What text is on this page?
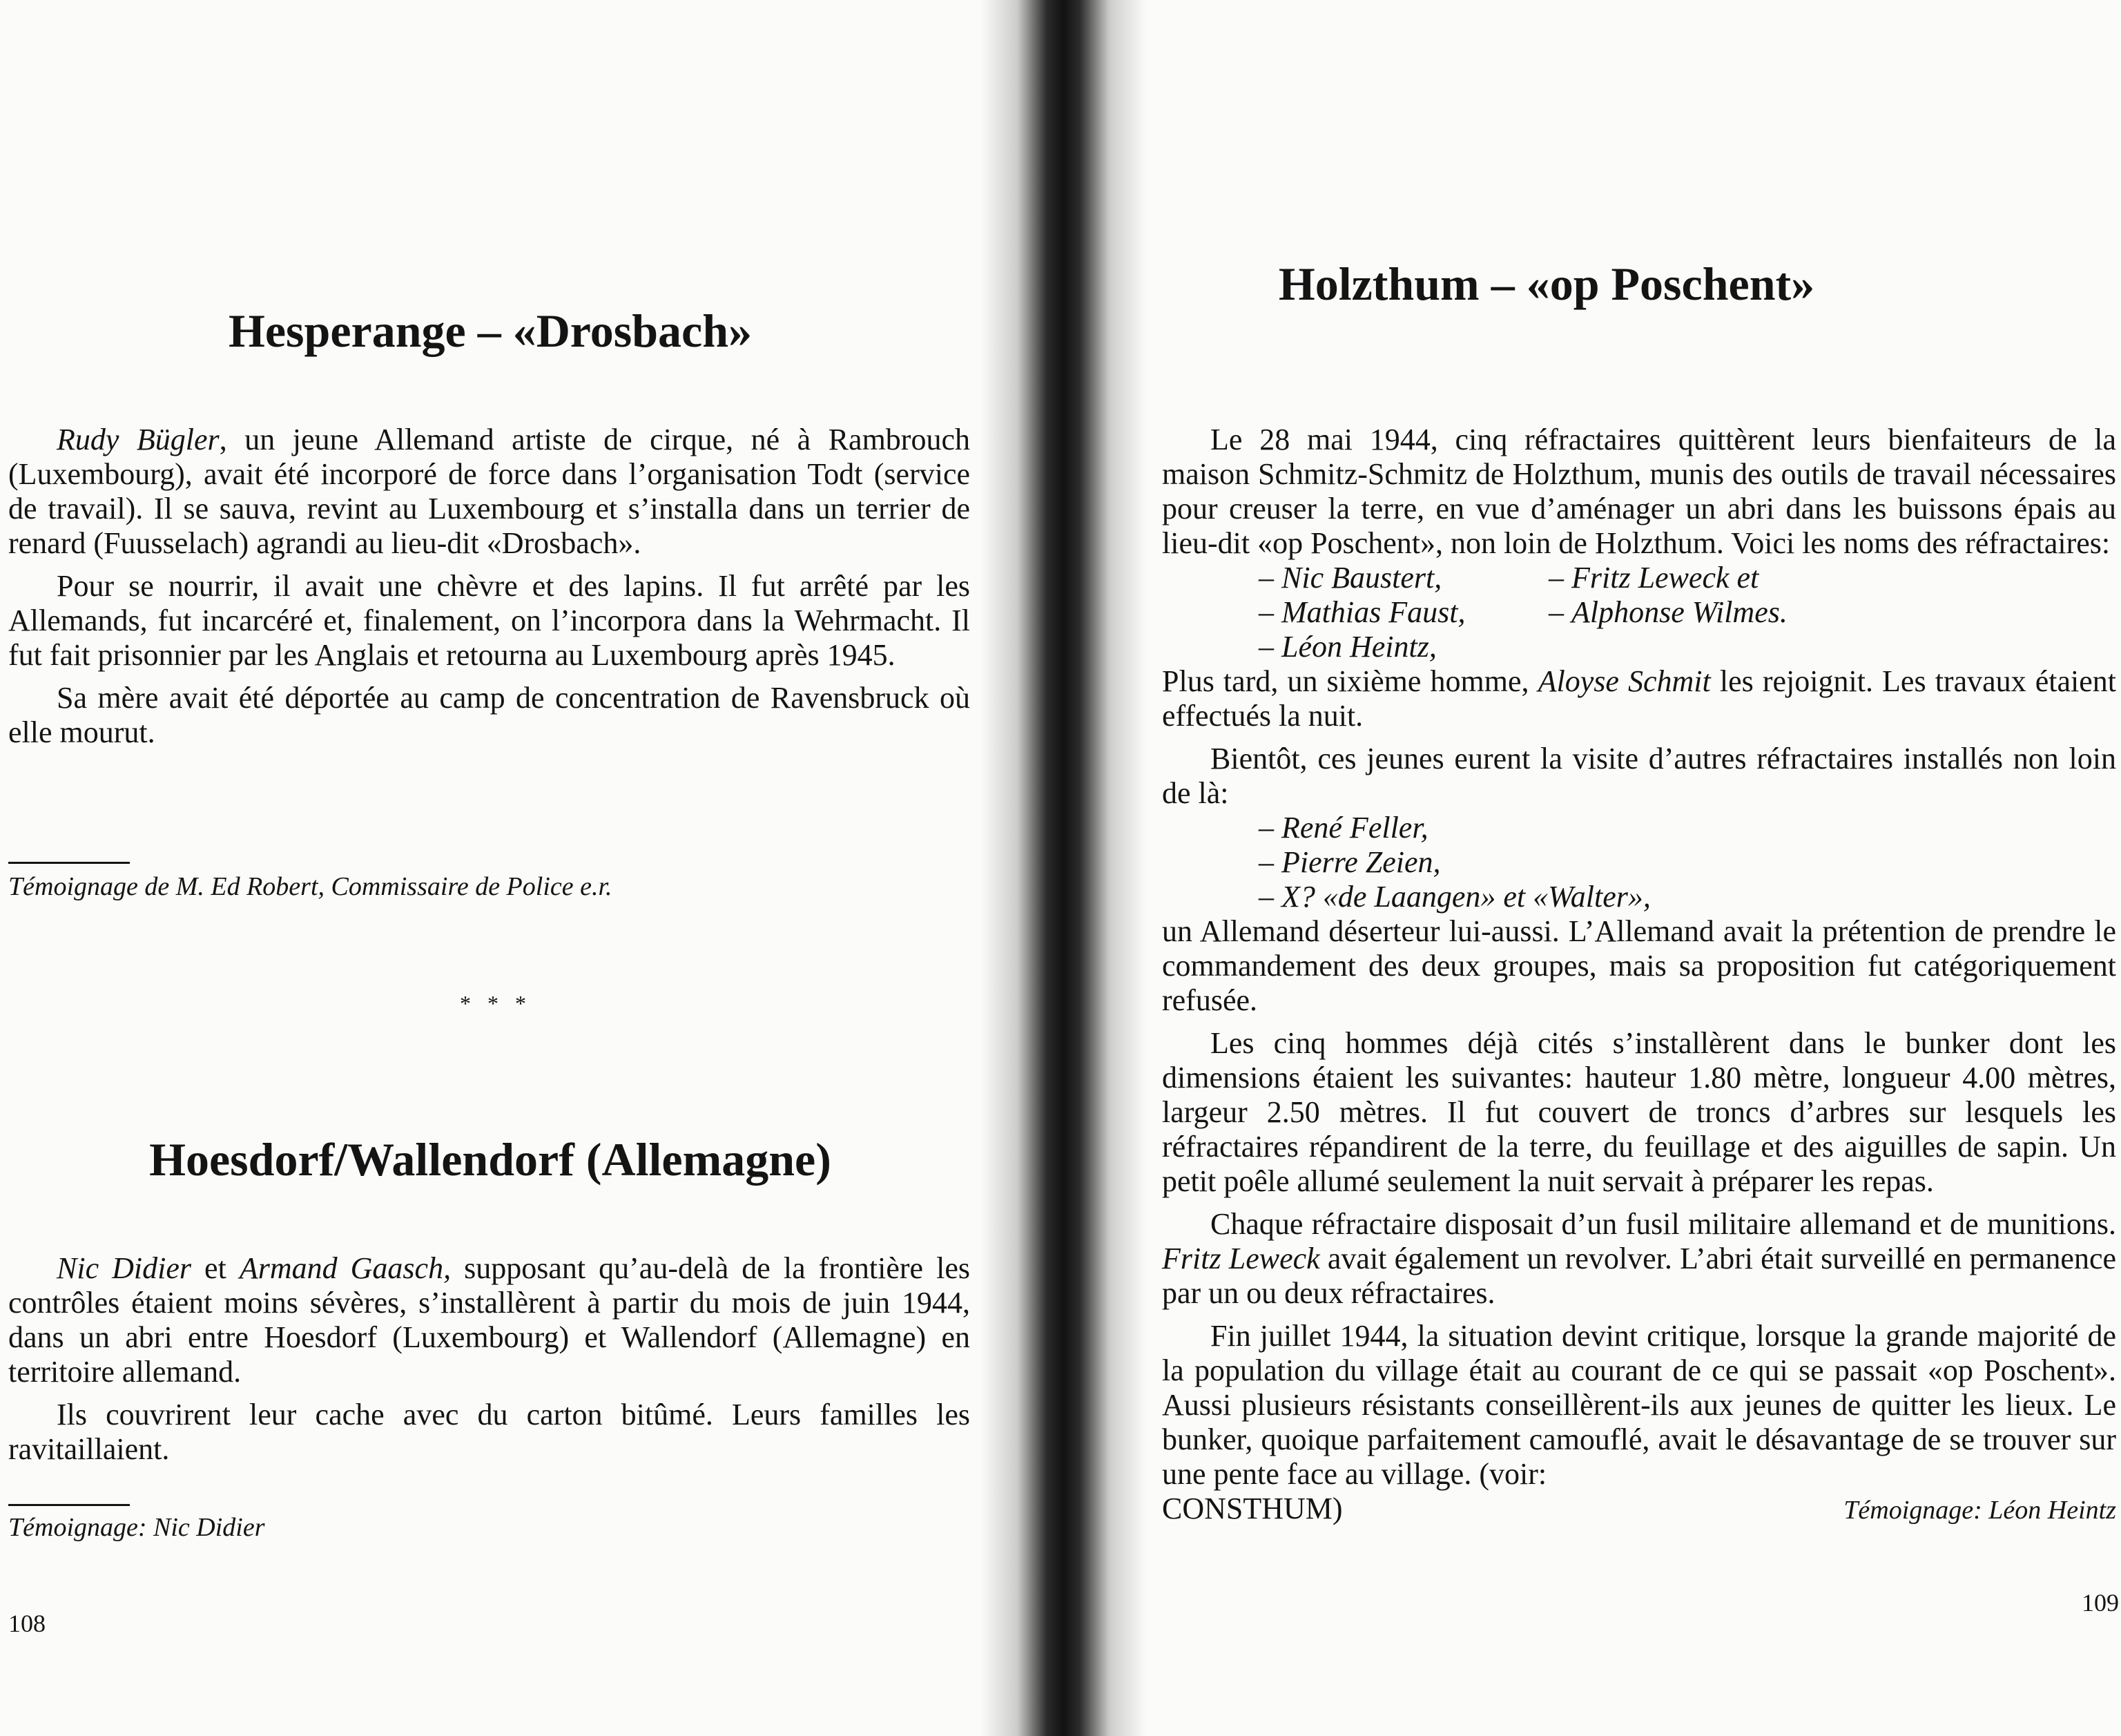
Hesperange – «Drosbach»

Rudy Bügler, un jeune Allemand artiste de cirque, né à Rambrouch (Luxembourg), avait été incorporé de force dans l’organisation Todt (service de travail). Il se sauva, revint au Luxembourg et s’installa dans un terrier de renard (Fuusselach) agrandi au lieu-dit «Drosbach».

Pour se nourrir, il avait une chèvre et des lapins. Il fut arrêté par les Allemands, fut incarcéré et, finalement, on l’incorpora dans la Wehrmacht. Il fut fait prisonnier par les Anglais et retourna au Luxembourg après 1945.

Sa mère avait été déportée au camp de concentration de Ravensbruck où elle mourut.

Témoignage de M. Ed Robert, Commissaire de Police e.r.
* * *
Hoesdorf/Wallendorf (Allemagne)

Nic Didier et Armand Gaasch, supposant qu’au-delà de la frontière les contrôles étaient moins sévères, s’installèrent à partir du mois de juin 1944, dans un abri entre Hoesdorf (Luxembourg) et Wallendorf (Allemagne) en territoire allemand.

Ils couvrirent leur cache avec du carton bitûmé. Leurs familles les ravitaillaient.

Témoignage: Nic Didier
108
Holzthum – «op Poschent»

Le 28 mai 1944, cinq réfractaires quittèrent leurs bienfaiteurs de la maison Schmitz-Schmitz de Holzthum, munis des outils de travail nécessaires pour creuser la terre, en vue d’aménager un abri dans les buissons épais au lieu-dit «op Poschent», non loin de Holzthum. Voici les noms des réfractaires:

– Nic Baustert,
– Mathias Faust,
– Léon Heintz,
– Fritz Leweck et
– Alphonse Wilmes.

Plus tard, un sixième homme, Aloyse Schmit les rejoignit. Les travaux étaient effectués la nuit.

Bientôt, ces jeunes eurent la visite d’autres réfractaires installés non loin de là:

– René Feller,
– Pierre Zeien,
– X? «de Laangen» et «Walter»,

un Allemand déserteur lui-aussi. L’Allemand avait la prétention de prendre le commandement des deux groupes, mais sa proposition fut catégoriquement refusée.

Les cinq hommes déjà cités s’installèrent dans le bunker dont les dimensions étaient les suivantes: hauteur 1.80 mètre, longueur 4.00 mètres, largeur 2.50 mètres. Il fut couvert de troncs d’arbres sur lesquels les réfractaires répandirent de la terre, du feuillage et des aiguilles de sapin. Un petit poêle allumé seulement la nuit servait à préparer les repas.

Chaque réfractaire disposait d’un fusil militaire allemand et de munitions. Fritz Leweck avait également un revolver. L’abri était surveillé en permanence par un ou deux réfractaires.

Fin juillet 1944, la situation devint critique, lorsque la grande majorité de la population du village était au courant de ce qui se passait «op Poschent». Aussi plusieurs résistants conseillèrent-ils aux jeunes de quitter les lieux. Le bunker, quoique parfaitement camouflé, avait le désavantage de se trouver sur une pente face au village. (voir:

CONSTHUM)	Témoignage: Léon Heintz
109
